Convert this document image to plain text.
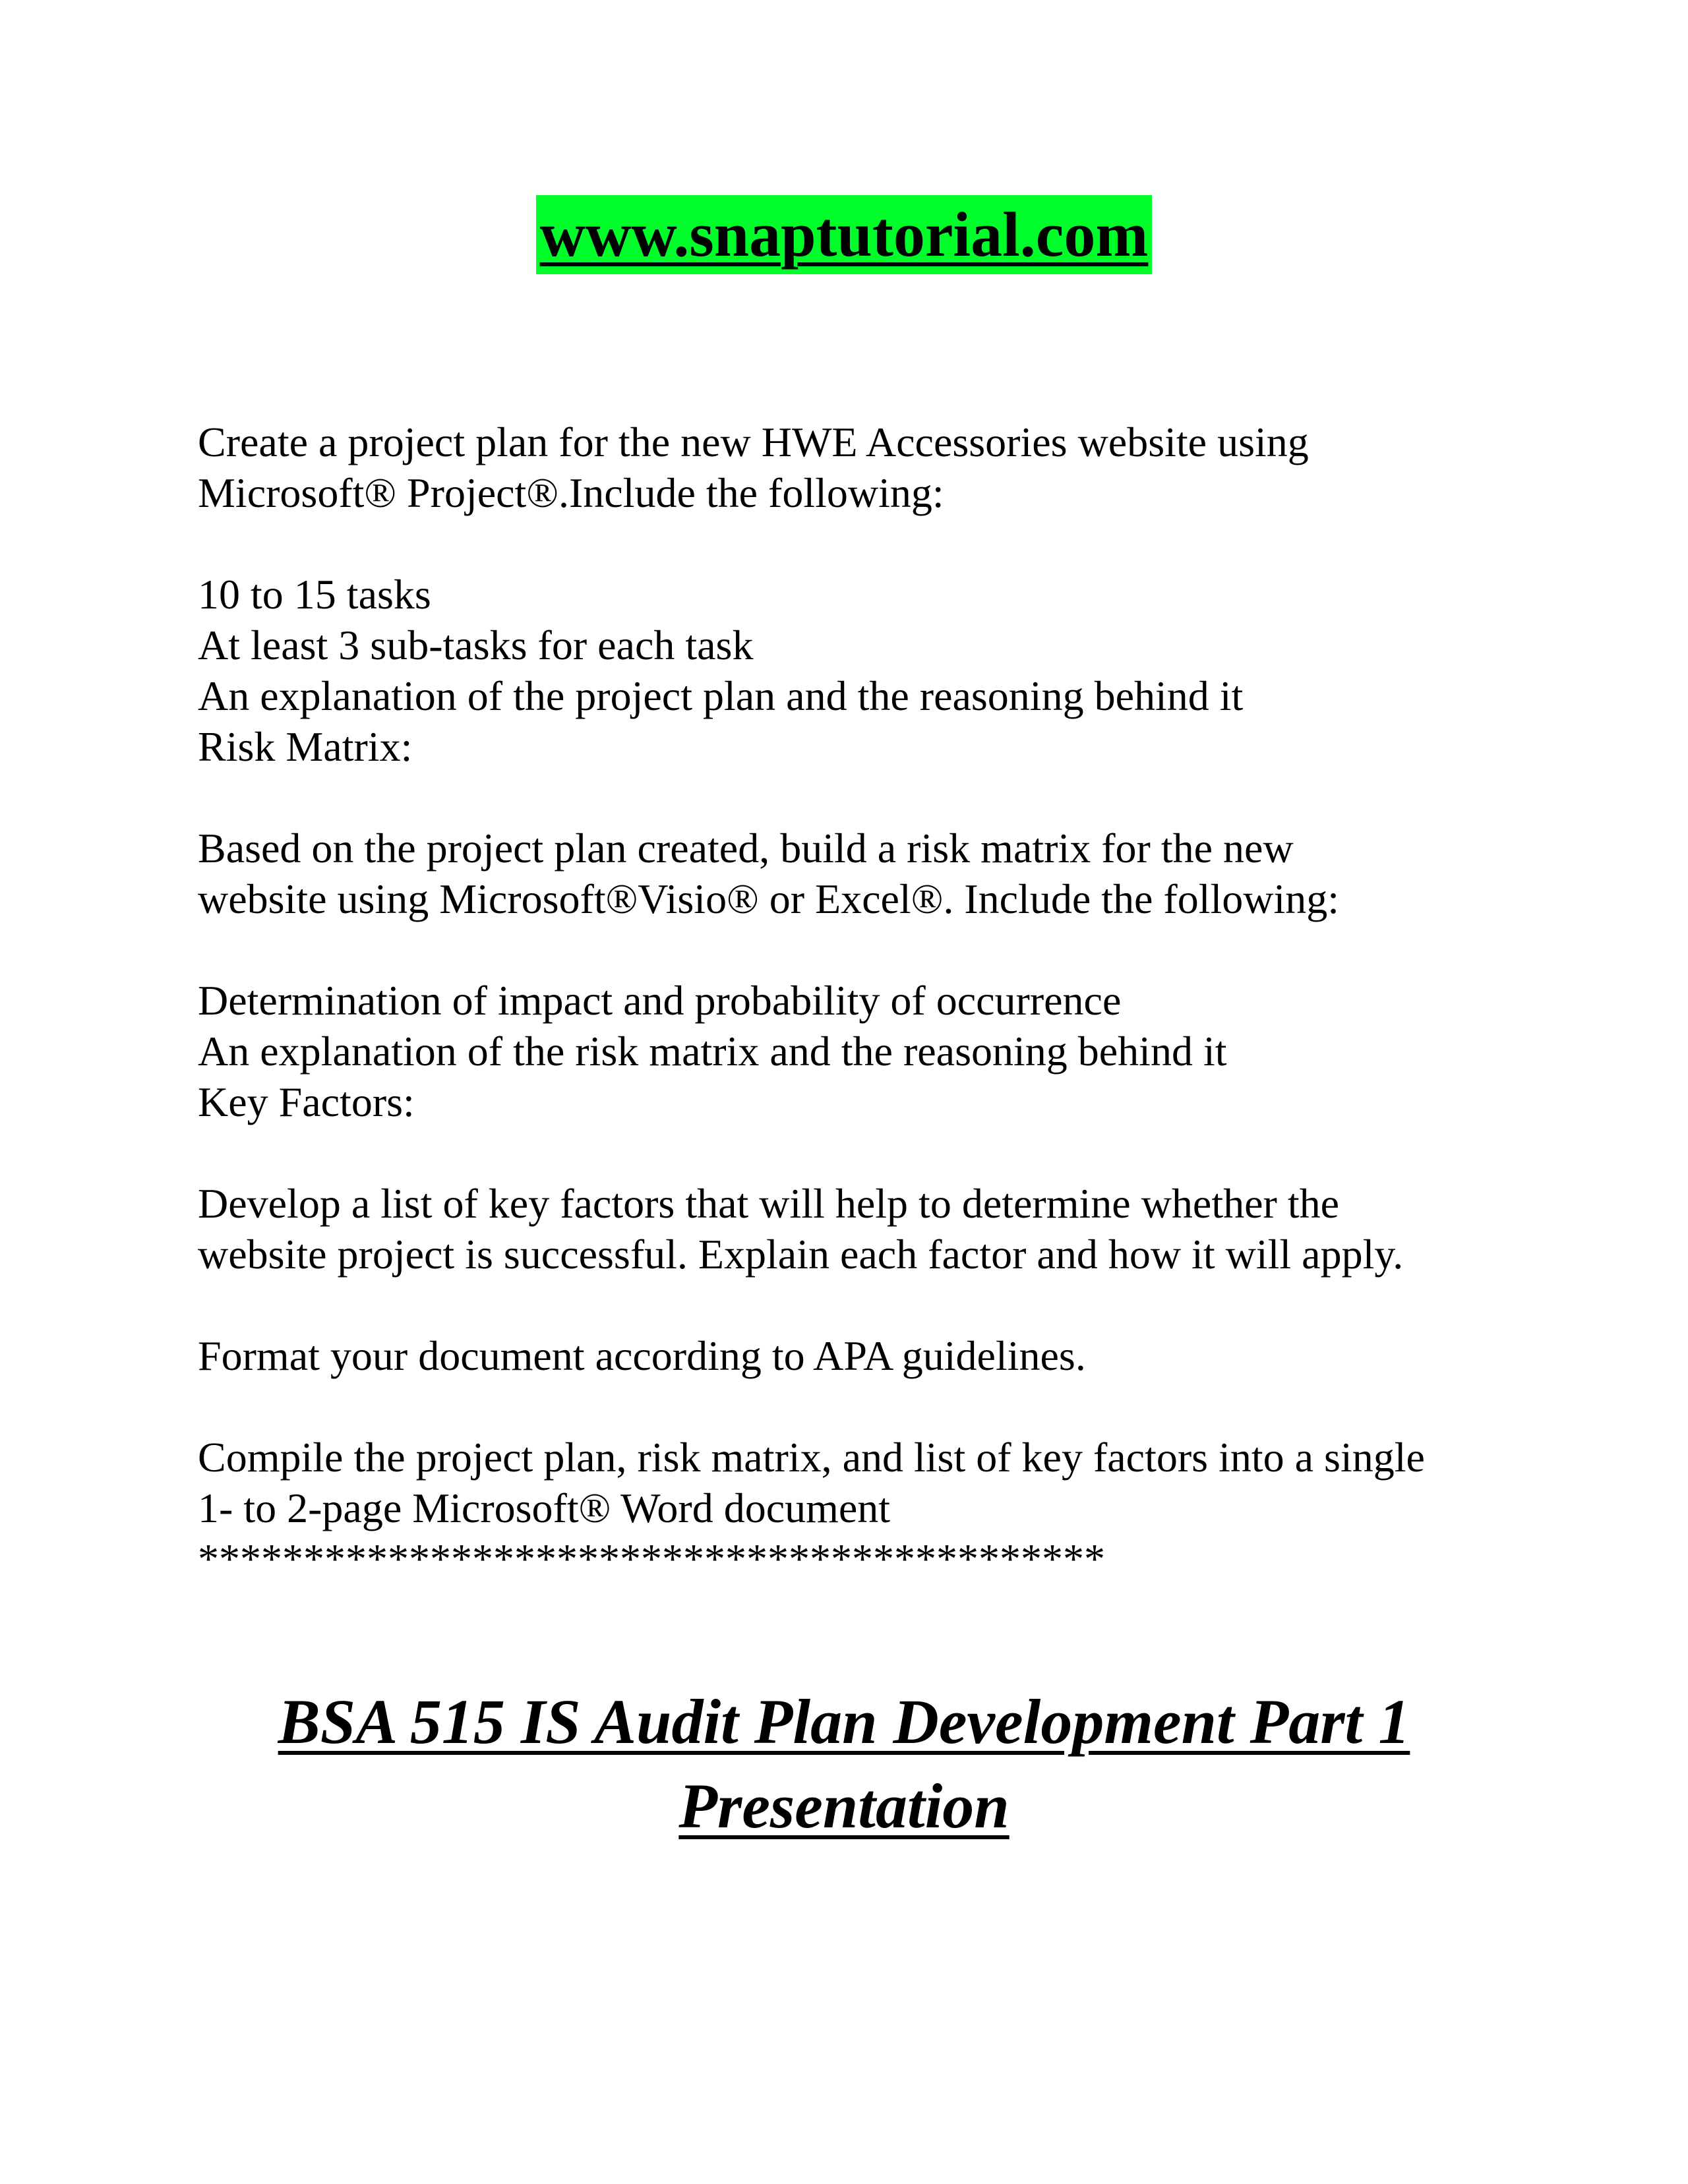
www.snaptutorial.com
Create a project plan for the new HWE Accessories website using
Microsoft® Project®.Include the following:
10 to 15 tasks
At least 3 sub-tasks for each task
An explanation of the project plan and the reasoning behind it
Risk Matrix:
Based on the project plan created, build a risk matrix for the new
website using Microsoft®Visio® or Excel®. Include the following:
Determination of impact and probability of occurrence
An explanation of the risk matrix and the reasoning behind it
Key Factors:
Develop a list of key factors that will help to determine whether the
website project is successful. Explain each factor and how it will apply.
Format your document according to APA guidelines.
Compile the project plan, risk matrix, and list of key factors into a single
1- to 2-page Microsoft® Word document
*******************************************
BSA 515 IS Audit Plan Development Part 1
Presentation
